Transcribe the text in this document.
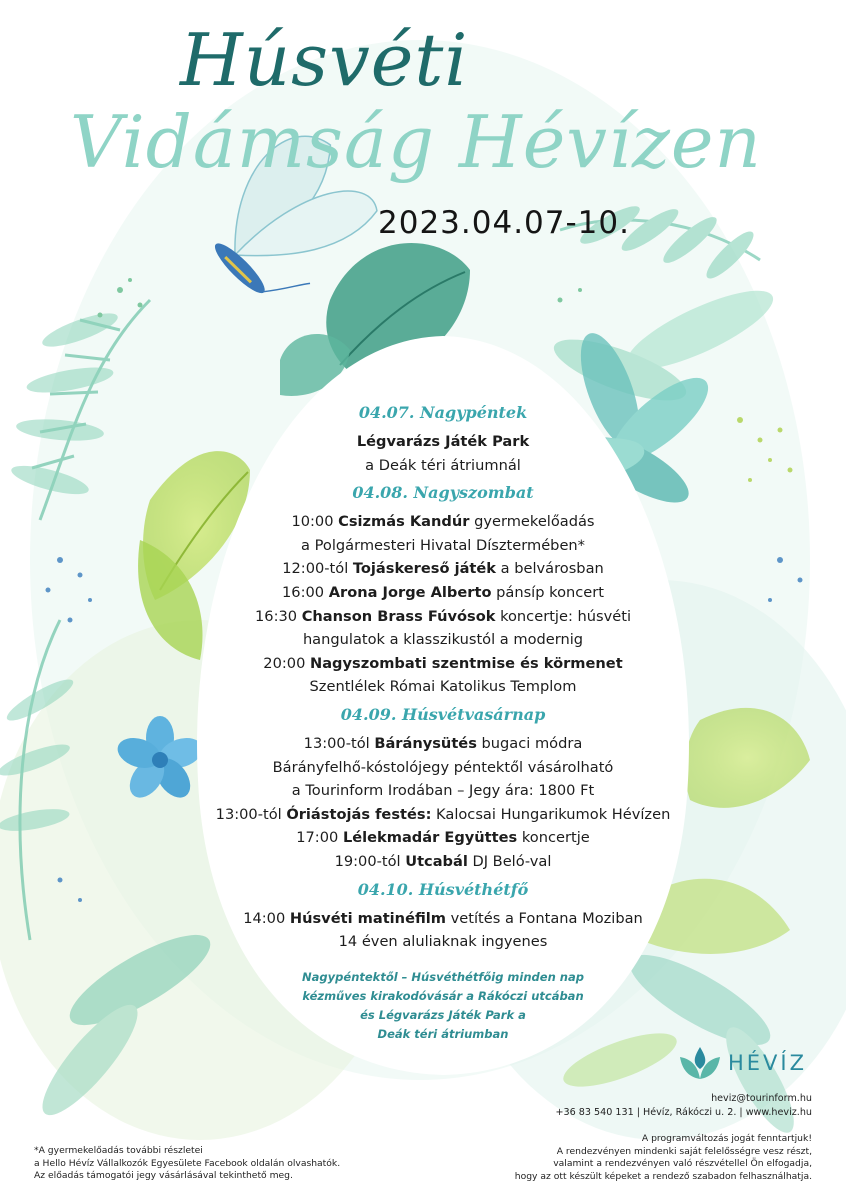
Húsvéti
Vidámság Hévízen
2023.04.07-10.
04.07. Nagypéntek
Légvarázs Játék Park
a Deák téri átriumnál
04.08. Nagyszombat
10:00 Csizmás Kandúr gyermekelőadás
a Polgármesteri Hivatal Dísztermében*
12:00-tól Tojáskereső játék a belvárosban
16:00 Arona Jorge Alberto pánsíp koncert
16:30 Chanson Brass Fúvósok koncertje: húsvéti
hangulatok a klasszikustól a modernig
20:00 Nagyszombati szentmise és körmenet
Szentlélek Római Katolikus Templom
04.09. Húsvétvasárnap
13:00-tól Báránysütés bugaci módra
Bárányfelhő-kóstolójegy péntektől vásárolható
a Tourinform Irodában – Jegy ára: 1800 Ft
13:00-tól Óriástojás festés: Kalocsai Hungarikumok Hévízen
17:00 Lélekmadár Együttes koncertje
19:00-tól Utcabál DJ Beló-val
04.10. Húsvéthétfő
14:00 Húsvéti matinéfilm vetítés a Fontana Moziban
14 éven aluliaknak ingyenes
Nagypéntektől – Húsvéthétfőig minden nap
kézműves kirakodóvásár a Rákóczi utcában
és Légvarázs Játék Park a
Deák téri átriumban
HÉVÍZ
heviz@tourinform.hu
+36 83 540 131 | Hévíz, Rákóczi u. 2. | www.heviz.hu
A programváltozás jogát fenntartjuk!
A rendezvényen mindenki saját felelősségre vesz részt,
valamint a rendezvényen való részvétellel Ön elfogadja,
hogy az ott készült képeket a rendező szabadon felhasználhatja.
*A gyermekelőadás további részletei
a Hello Hévíz Vállalkozók Egyesülete Facebook oldalán olvashatók.
Az előadás támogatói jegy vásárlásával tekinthető meg.
